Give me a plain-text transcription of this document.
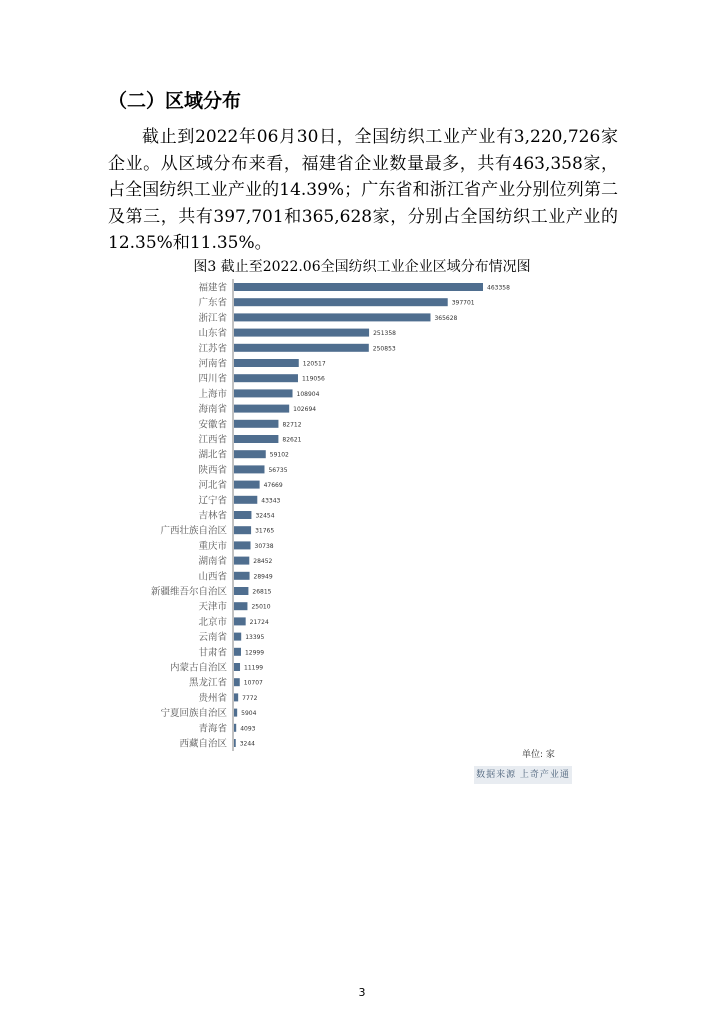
（二）区域分布

截止到2022年06月30日，全国纺织工业产业有3,220,726家企业。从区域分布来看，福建省企业数量最多，共有463,358家，占全国纺织工业产业的14.39%；广东省和浙江省产业分别位列第二及第三，共有397,701和365,628家，分别占全国纺织工业产业的12.35%和11.35%。

图3 截止至2022.06全国纺织工业企业区域分布情况图

福建省	463358
广东省	397701
浙江省	365628
山东省	251358
江苏省	250853
河南省	120517
四川省	119056
上海市	108904
海南省	102694
安徽省	82712
江西省	82621
湖北省	59102
陕西省	56735
河北省	47669
辽宁省	43343
吉林省	32454
广西壮族自治区	31765
重庆市	30738
湖南省	28452
山西省	28949
新疆维吾尔自治区	26815
天津市	25010
北京市	21724
云南省	13395
甘肃省	12999
内蒙古自治区	11199
黑龙江省	10707
贵州省	7772
宁夏回族自治区 5904
青海省 4093
西藏自治区 3244
单位: 家
数据来源 上奇产业通
3
